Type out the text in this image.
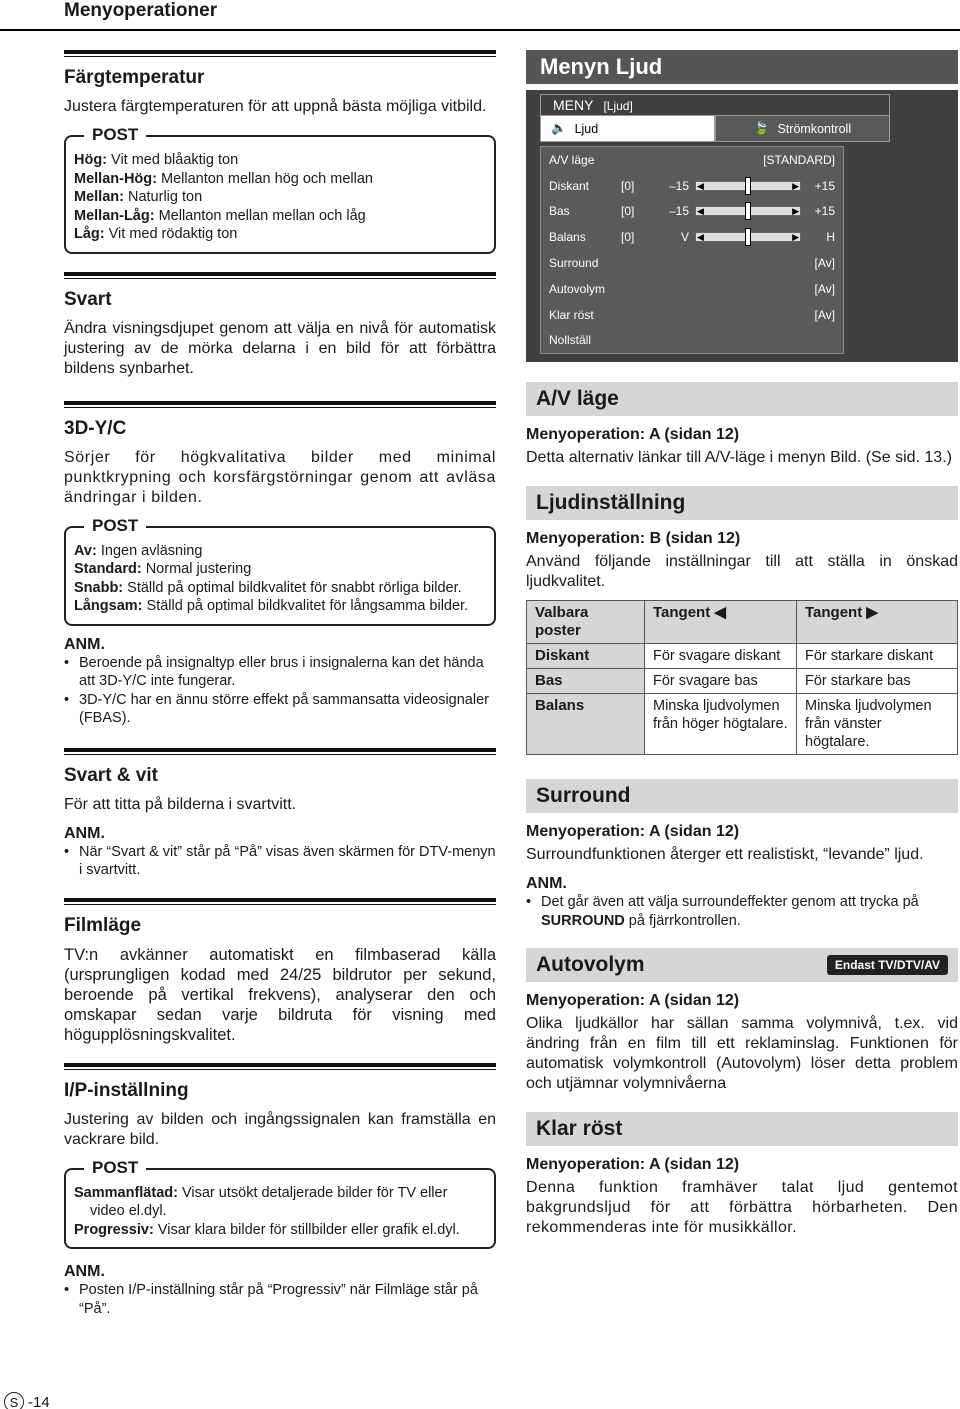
Menyoperationer
Färgtemperatur

Justera färgtemperaturen för att uppnå bästa möjliga vitbild.

POST
Hög: Vit med blåaktig ton
Mellan-Hög: Mellanton mellan hög och mellan
Mellan: Naturlig ton
Mellan-Låg: Mellanton mellan mellan och låg
Låg: Vit med rödaktig ton
Svart

Ändra visningsdjupet genom att välja en nivå för automatisk justering av de mörka delarna i en bild för att förbättra bildens synbarhet.

3D-Y/C

Sörjer för högkvalitativa bilder med minimal punktkrypning och korsfärgstörningar genom att avläsa ändringar i bilden.

POST
Av: Ingen avläsning
Standard: Normal justering
Snabb: Ställd på optimal bildkvalitet för snabbt rörliga bilder.
Långsam: Ställd på optimal bildkvalitet för långsamma bilder.
ANM.
• Beroende på insignaltyp eller brus i insignalerna kan det hända att 3D-Y/C inte fungerar.
• 3D-Y/C har en ännu större effekt på sammansatta videosignaler (FBAS).
Svart & vit

För att titta på bilderna i svartvitt.

ANM.
• När “Svart & vit” står på “På” visas även skärmen för DTV-menyn i svartvitt.
Filmläge

TV:n avkänner automatiskt en filmbaserad källa (ursprungligen kodad med 24/25 bildrutor per sekund, beroende på vertikal frekvens), analyserar den och omskapar sedan varje bildruta för visning med högupplösningskvalitet.

I/P-inställning

Justering av bilden och ingångssignalen kan framställa en vackrare bild.

POST
Sammanflätad: Visar utsökt detaljerade bilder för TV eller video el.dyl.
Progressiv: Visar klara bilder för stillbilder eller grafik el.dyl.
ANM.
• Posten I/P-inställning står på “Progressiv” när Filmläge står på “På”.
Menyn Ljud
MENY [Ljud]
🔈 Ljud	🍃 Strömkontroll
A/V läge	[STANDARD]
Diskant	[0]	–15 ◀	▶ +15
Bas	[0]	–15 ◀	▶ +15
Balans	[0]	V ◀	▶ H
Surround	[Av]
Autovolym	[Av]
Klar röst	[Av]
Nollställ
A/V läge
Menyoperation: A (sidan 12)

Detta alternativ länkar till A/V-läge i menyn Bild. (Se sid. 13.)

Ljudinställning
Menyoperation: B (sidan 12)

Använd följande inställningar till att ställa in önskad ljudkvalitet.

Valbara poster	Tangent ◀	Tangent ▶
Diskant	För svagare diskant	För starkare diskant
Bas	För svagare bas	För starkare bas
Balans	Minska ljudvolymen från höger högtalare.	Minska ljudvolymen från vänster högtalare.
Surround
Menyoperation: A (sidan 12)

Surroundfunktionen återger ett realistiskt, “levande” ljud.

ANM.
• Det går även att välja surroundeffekter genom att trycka på SURROUND på fjärrkontrollen.
Autovolym	Endast TV/DTV/AV
Menyoperation: A (sidan 12)

Olika ljudkällor har sällan samma volymnivå, t.ex. vid ändring från en film till ett reklaminslag. Funktionen för automatisk volymkontroll (Autovolym) löser detta problem och utjämnar volymnivåerna

Klar röst
Menyoperation: A (sidan 12)

Denna funktion framhäver talat ljud gentemot bakgrundsljud för att förbättra hörbarheten. Den rekommenderas inte för musikkällor.

S -14
